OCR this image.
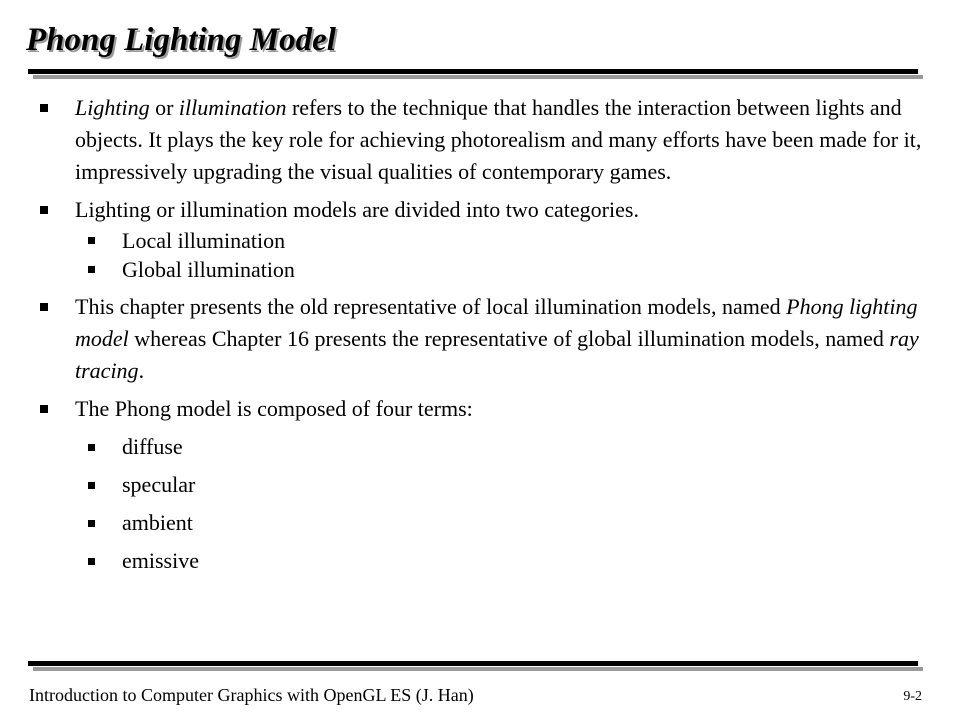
Phong Lighting Model
Lighting or illumination refers to the technique that handles the interaction between lights and objects. It plays the key role for achieving photorealism and many efforts have been made for it, impressively upgrading the visual qualities of contemporary games.
Lighting or illumination models are divided into two categories.
Local illumination
Global illumination
This chapter presents the old representative of local illumination models, named Phong lighting model whereas Chapter 16 presents the representative of global illumination models, named ray tracing.
The Phong model is composed of four terms:
diffuse
specular
ambient
emissive
Introduction to Computer Graphics with OpenGL ES (J. Han)	9-2
